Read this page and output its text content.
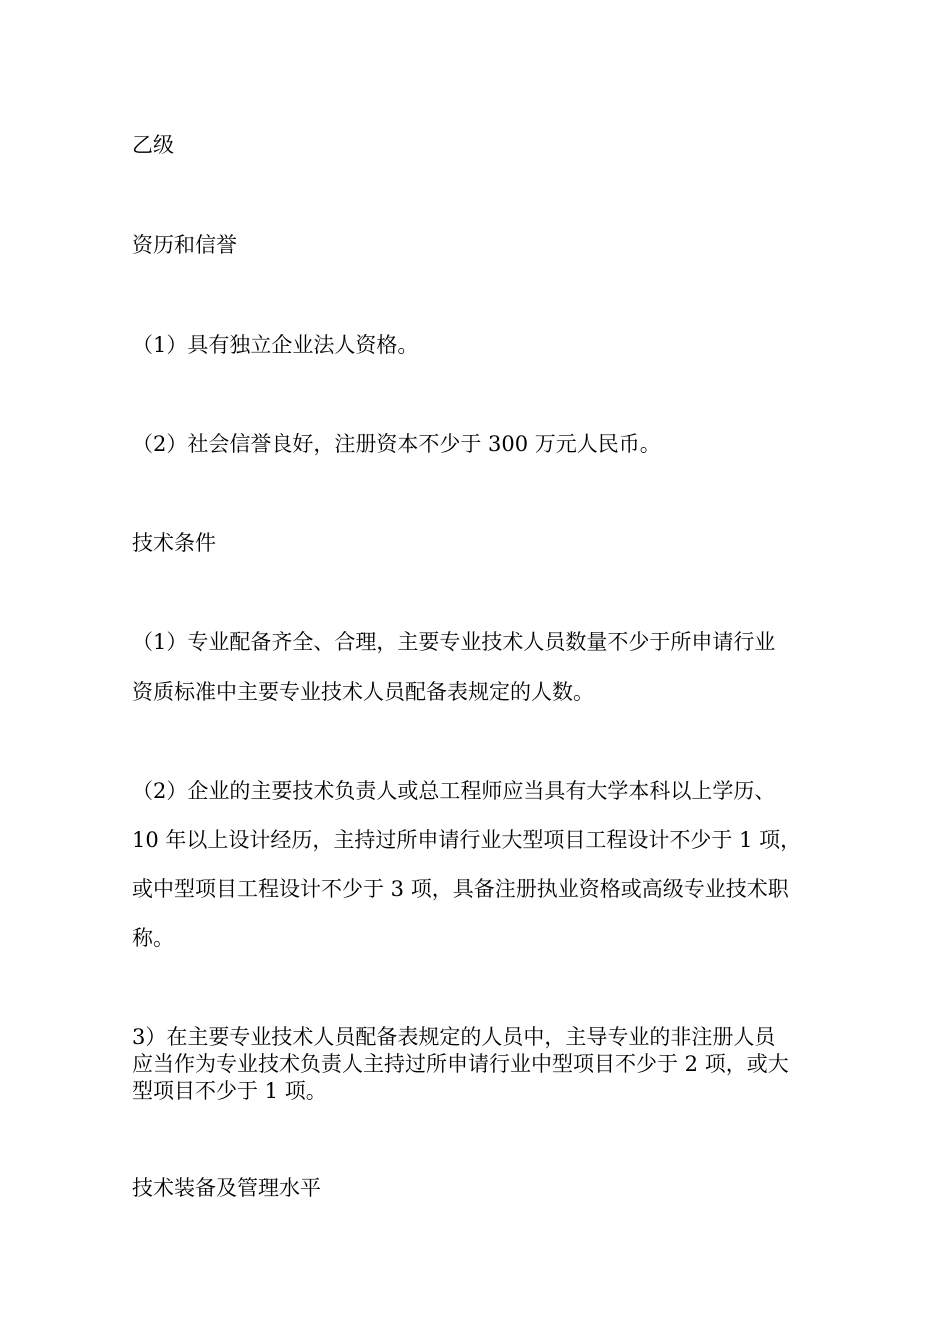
乙级
资历和信誉
（1）具有独立企业法人资格。
（2）社会信誉良好，注册资本不少于 300 万元人民币。
技术条件
（1）专业配备齐全、合理，主要专业技术人员数量不少于所申请行业
资质标准中主要专业技术人员配备表规定的人数。
（2）企业的主要技术负责人或总工程师应当具有大学本科以上学历、
10 年以上设计经历，主持过所申请行业大型项目工程设计不少于 1 项，
或中型项目工程设计不少于 3 项，具备注册执业资格或高级专业技术职
称。
3）在主要专业技术人员配备表规定的人员中，主导专业的非注册人员
应当作为专业技术负责人主持过所申请行业中型项目不少于 2 项，或大
型项目不少于 1 项。
技术装备及管理水平
